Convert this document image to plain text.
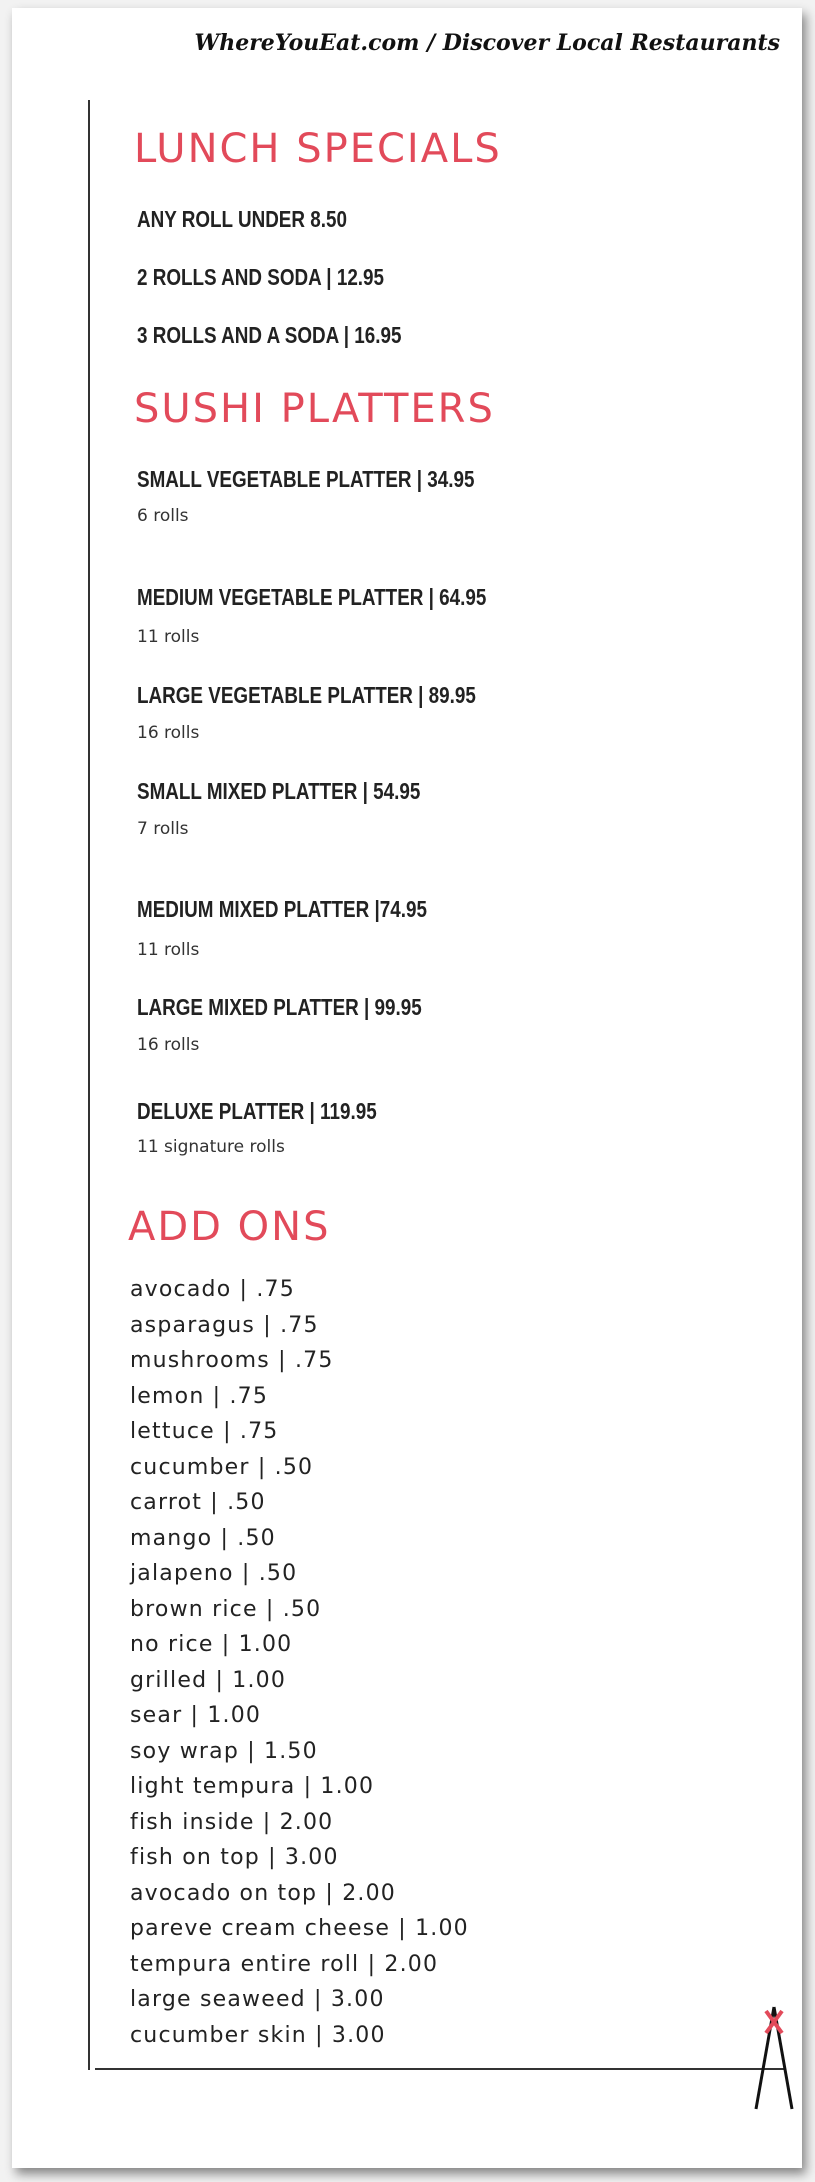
WhereYouEat.com / Discover Local Restaurants
LUNCH SPECIALS
ANY ROLL UNDER 8.50
2 ROLLS AND SODA | 12.95
3 ROLLS AND A SODA | 16.95
SUSHI PLATTERS
SMALL VEGETABLE PLATTER | 34.95
6 rolls
MEDIUM VEGETABLE PLATTER | 64.95
11 rolls
LARGE VEGETABLE PLATTER | 89.95
16 rolls
SMALL MIXED PLATTER | 54.95
7 rolls
MEDIUM MIXED PLATTER |74.95
11 rolls
LARGE MIXED PLATTER | 99.95
16 rolls
DELUXE PLATTER | 119.95
11 signature rolls
ADD ONS
avocado | .75
asparagus | .75
mushrooms | .75
lemon | .75
lettuce | .75
cucumber | .50
carrot | .50
mango | .50
jalapeno | .50
brown rice | .50
no rice | 1.00
grilled | 1.00
sear | 1.00
soy wrap | 1.50
light tempura | 1.00
fish inside | 2.00
fish on top | 3.00
avocado on top | 2.00
pareve cream cheese | 1.00
tempura entire roll | 2.00
large seaweed | 3.00
cucumber skin | 3.00
